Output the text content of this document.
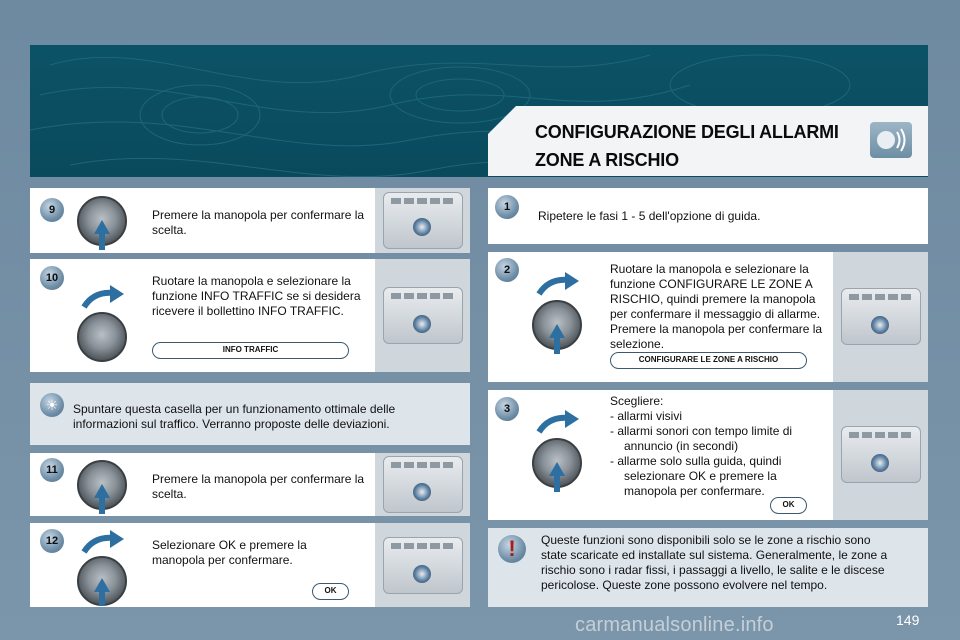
CONFIGURAZIONE DEGLI ALLARMI
ZONE A RISCHIO
9	Premere la manopola per confermare la scelta.
10	Ruotare la manopola e selezionare la funzione INFO TRAFFIC se si desidera ricevere il bollettino INFO TRAFFIC.
INFO TRAFFIC
☀	Spuntare questa casella per un funzionamento ottimale delle informazioni sul traffico. Verranno proposte delle deviazioni.
11
Premere la manopola per confermare la scelta.
12	Selezionare OK e premere la manopola per confermare.
OK
1
Ripetere le fasi 1 - 5 dell'opzione di guida.
2	Ruotare la manopola e selezionare la funzione CONFIGURARE LE ZONE A RISCHIO, quindi premere la manopola per confermare il messaggio di allarme. Premere la manopola per confermare la selezione.
CONFIGURARE LE ZONE A RISCHIO
3
Scegliere:
- allarmi visivi
- allarmi sonori con tempo limite di annuncio (in secondi)
- allarme solo sulla guida, quindi selezionare OK e premere la manopola per confermare.
OK
!	Queste funzioni sono disponibili solo se le zone a rischio sono state scaricate ed installate sul sistema. Generalmente, le zone a rischio sono i radar fissi, i passaggi a livello, le salite e le discese pericolose. Queste zone possono evolvere nel tempo.
149
carmanualsonline.info
